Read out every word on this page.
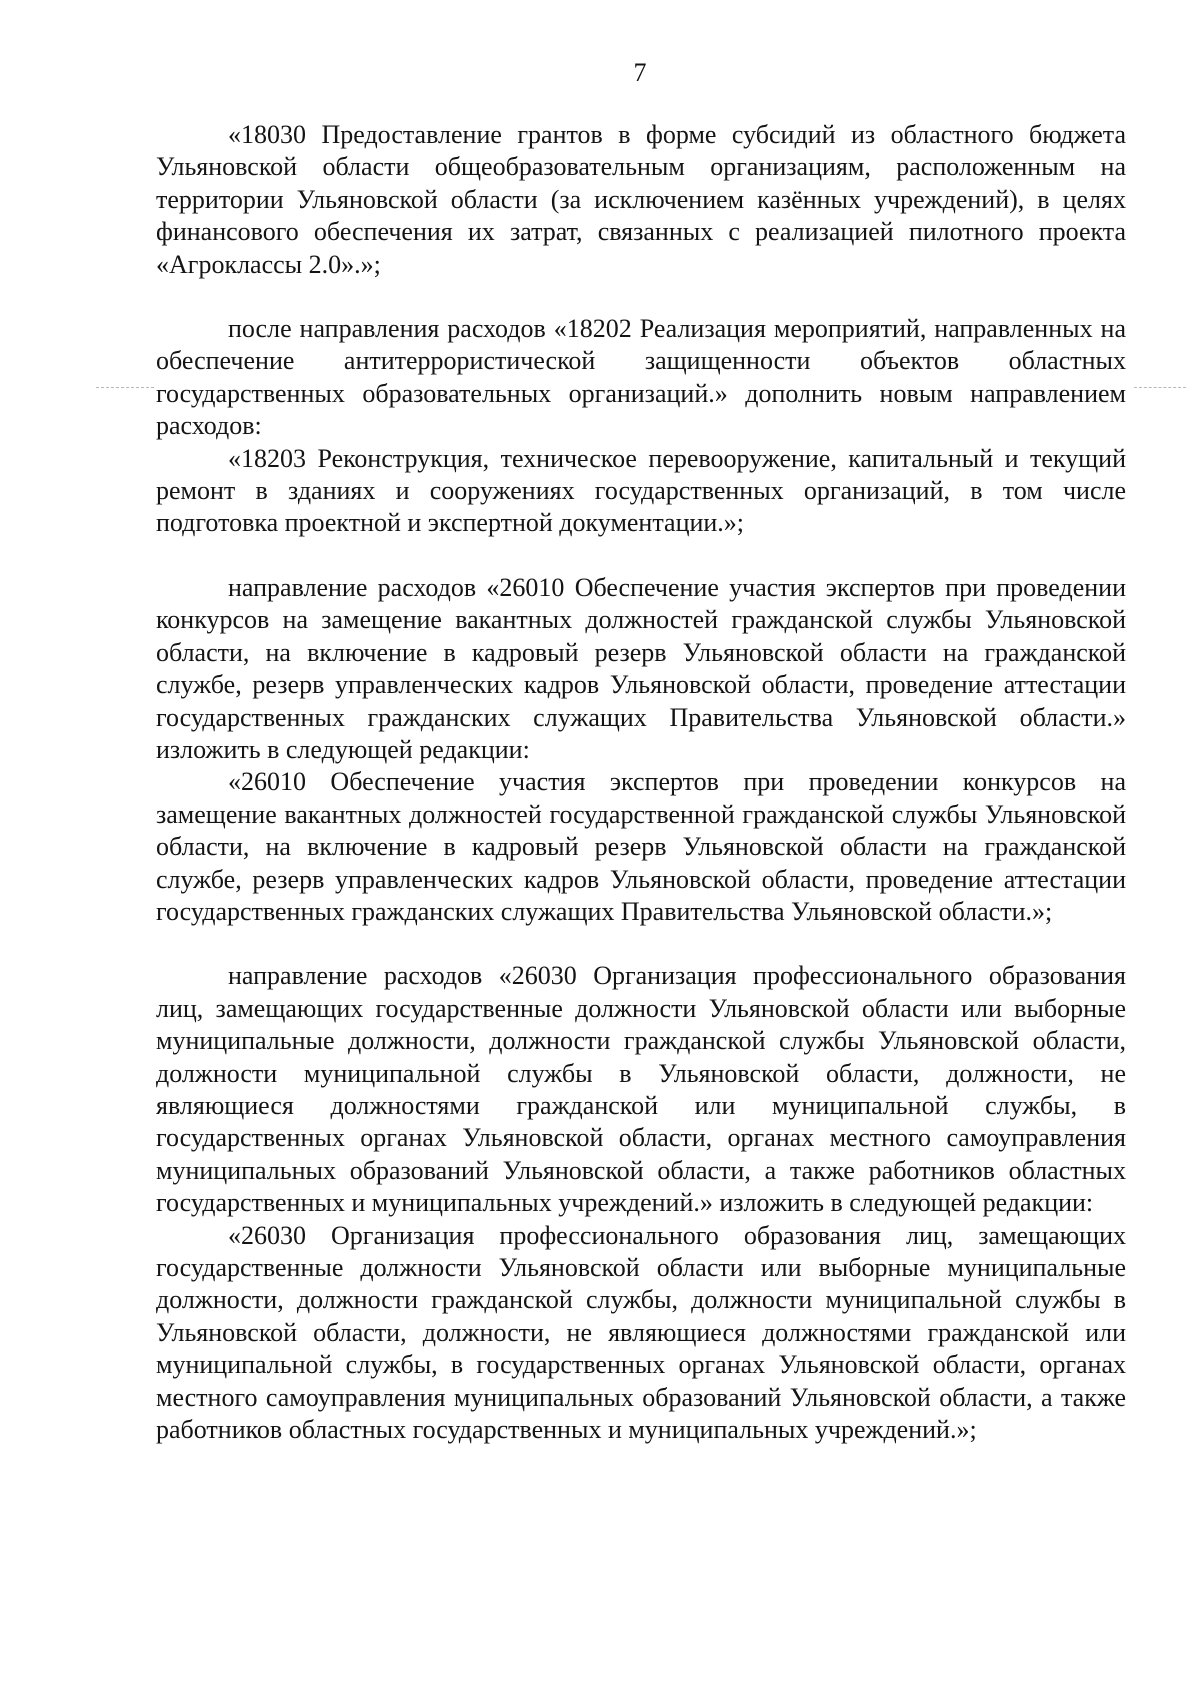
7

«18030 Предоставление грантов в форме субсидий из областного бюджета Ульяновской области общеобразовательным организациям, расположенным на территории Ульяновской области (за исключением казённых учреждений), в целях финансового обеспечения их затрат, связанных с реализацией пилотного проекта «Агроклассы 2.0».»;

после направления расходов «18202 Реализация мероприятий, направленных на обеспечение антитеррористической защищенности объектов областных государственных образовательных организаций.» дополнить новым направлением расходов:

«18203 Реконструкция, техническое перевооружение, капитальный и текущий ремонт в зданиях и сооружениях государственных организаций, в том числе подготовка проектной и экспертной документации.»;

направление расходов «26010 Обеспечение участия экспертов при проведении конкурсов на замещение вакантных должностей гражданской службы Ульяновской области, на включение в кадровый резерв Ульяновской области на гражданской службе, резерв управленческих кадров Ульяновской области, проведение аттестации государственных гражданских служащих Правительства Ульяновской области.» изложить в следующей редакции:

«26010 Обеспечение участия экспертов при проведении конкурсов на замещение вакантных должностей государственной гражданской службы Ульяновской области, на включение в кадровый резерв Ульяновской области на гражданской службе, резерв управленческих кадров Ульяновской области, проведение аттестации государственных гражданских служащих Правительства Ульяновской области.»;

направление расходов «26030 Организация профессионального образования лиц, замещающих государственные должности Ульяновской области или выборные муниципальные должности, должности гражданской службы Ульяновской области, должности муниципальной службы в Ульяновской области, должности, не являющиеся должностями гражданской или муниципальной службы, в государственных органах Ульяновской области, органах местного самоуправления муниципальных образований Ульяновской области, а также работников областных государственных и муниципальных учреждений.» изложить в следующей редакции:

«26030 Организация профессионального образования лиц, замещающих государственные должности Ульяновской области или выборные муниципальные должности, должности гражданской службы, должности муниципальной службы в Ульяновской области, должности, не являющиеся должностями гражданской или муниципальной службы, в государственных органах Ульяновской области, органах местного самоуправления муниципальных образований Ульяновской области, а также работников областных государственных и муниципальных учреждений.»;
